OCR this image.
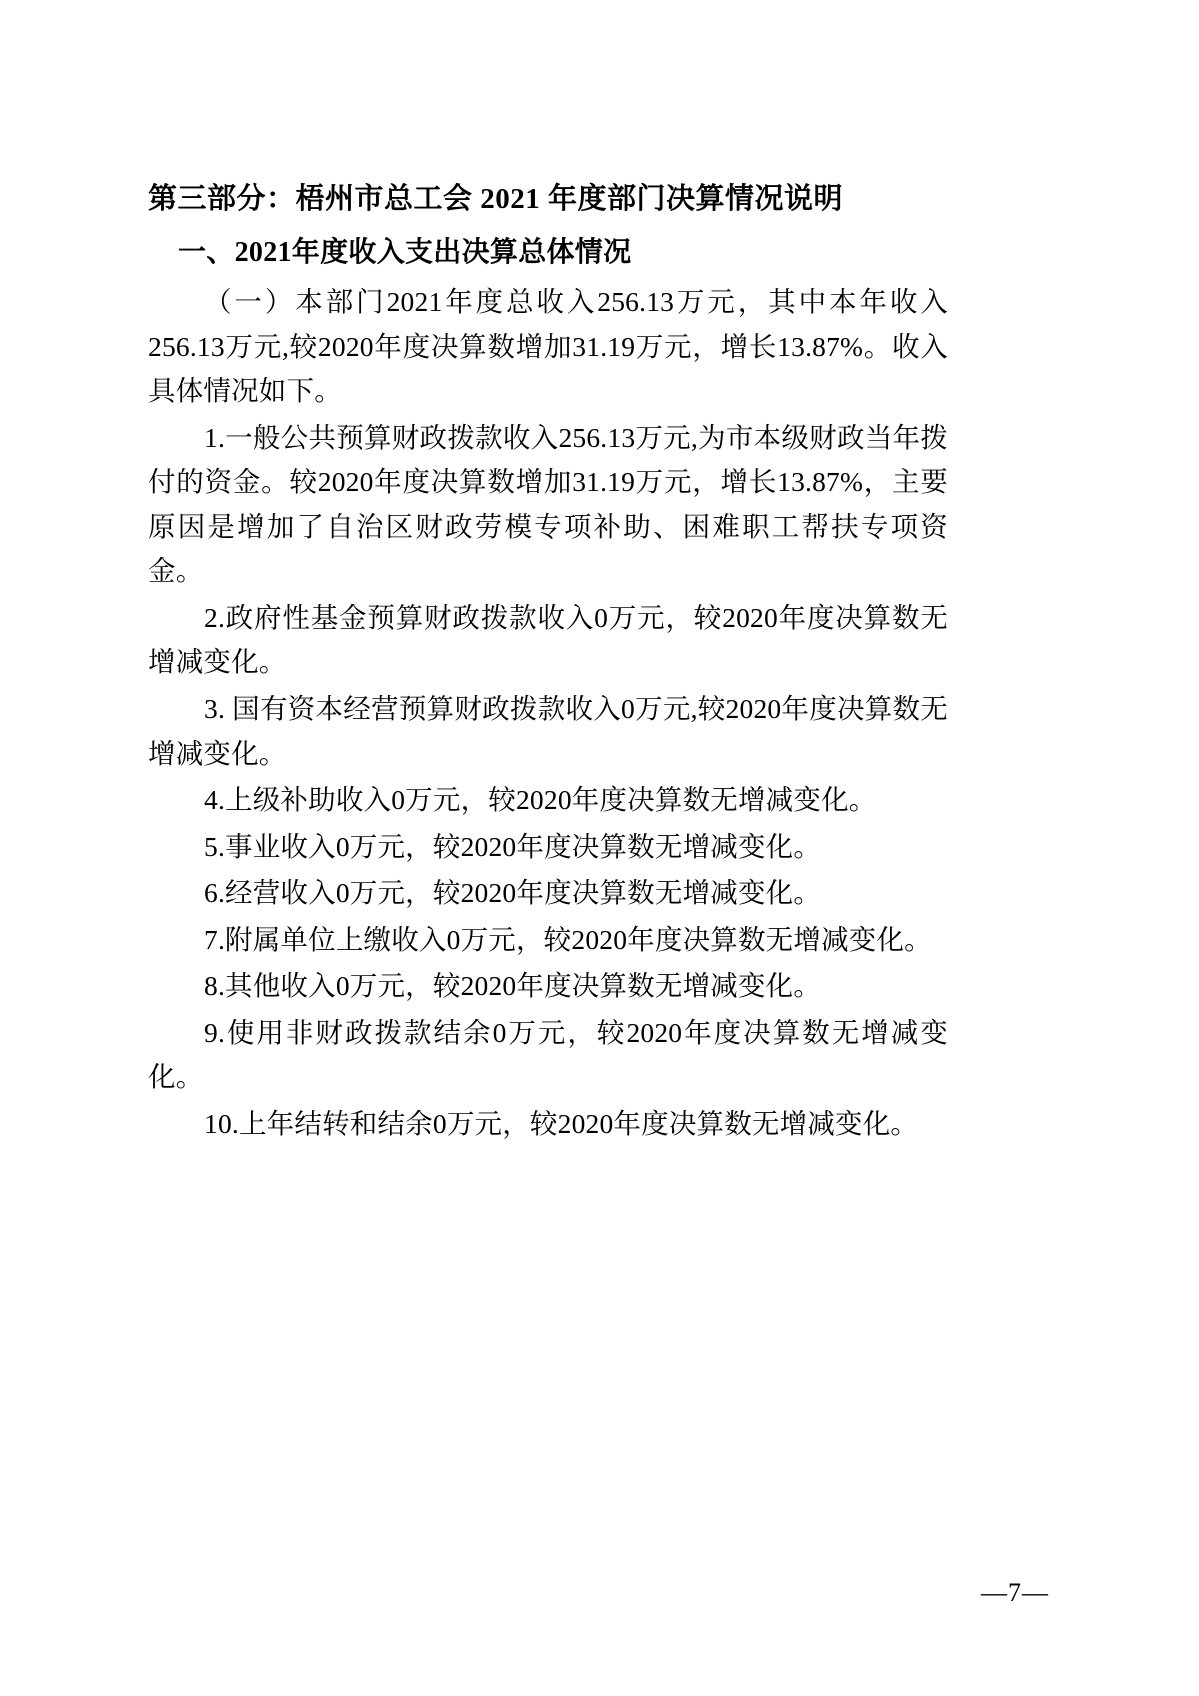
第三部分：梧州市总工会 2021 年度部门决算情况说明
一、2021年度收入支出决算总体情况

（一）本部门2021年度总收入256.13万元，其中本年收入256.13万元,较2020年度决算数增加31.19万元，增长13.87%。收入具体情况如下。

1.一般公共预算财政拨款收入256.13万元,为市本级财政当年拨付的资金。较2020年度决算数增加31.19万元，增长13.87%，主要原因是增加了自治区财政劳模专项补助、困难职工帮扶专项资金。

2.政府性基金预算财政拨款收入0万元，较2020年度决算数无增减变化。

3. 国有资本经营预算财政拨款收入0万元,较2020年度决算数无增减变化。

4.上级补助收入0万元，较2020年度决算数无增减变化。

5.事业收入0万元，较2020年度决算数无增减变化。

6.经营收入0万元，较2020年度决算数无增减变化。

7.附属单位上缴收入0万元，较2020年度决算数无增减变化。

8.其他收入0万元，较2020年度决算数无增减变化。

9.使用非财政拨款结余0万元，较2020年度决算数无增减变化。

10.上年结转和结余0万元，较2020年度决算数无增减变化。

—7—
